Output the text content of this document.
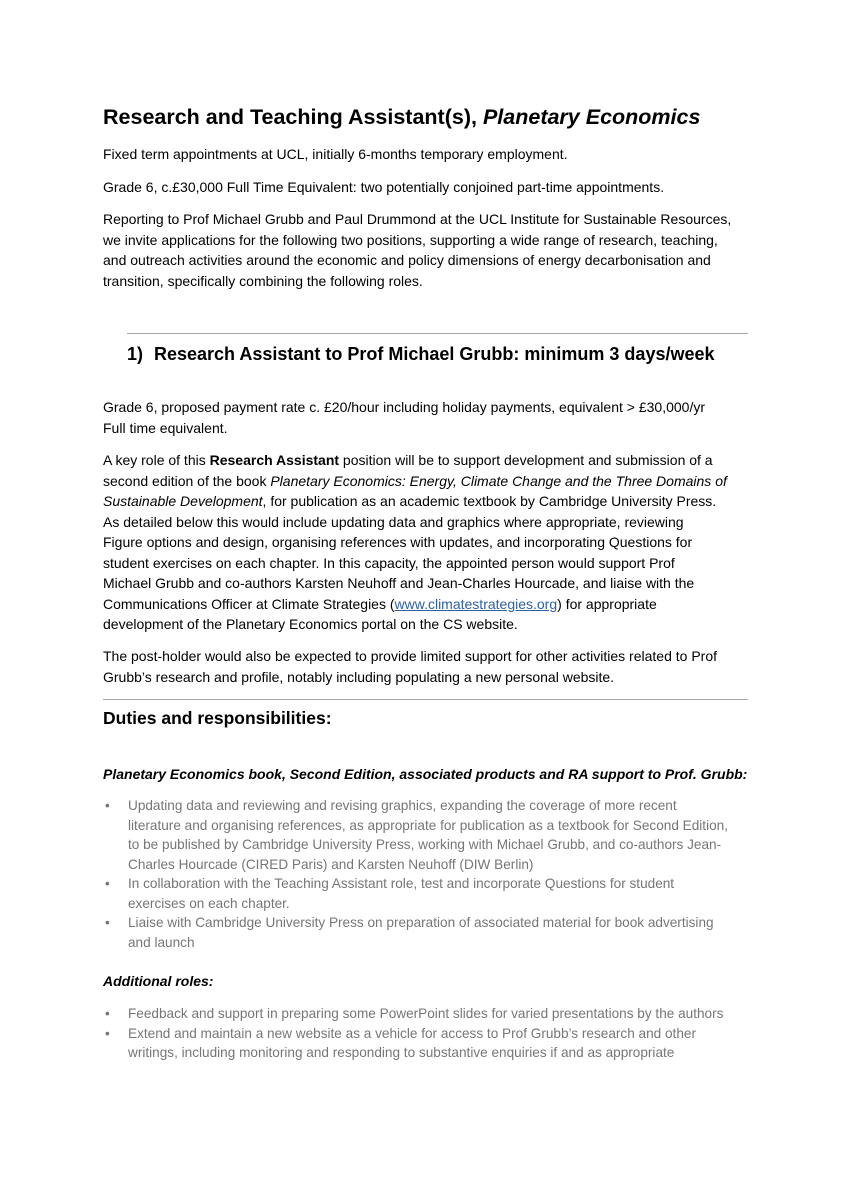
Research and Teaching Assistant(s), Planetary Economics

Fixed term appointments at UCL, initially 6-months temporary employment.

Grade 6, c.£30,000 Full Time Equivalent: two potentially conjoined part-time appointments.

Reporting to Prof Michael Grubb and Paul Drummond at the UCL Institute for Sustainable Resources,
we invite applications for the following two positions, supporting a wide range of research, teaching,
and outreach activities around the economic and policy dimensions of energy decarbonisation and
transition, specifically combining the following roles.

1) Research Assistant to Prof Michael Grubb: minimum 3 days/week

Grade 6, proposed payment rate c. £20/hour including holiday payments, equivalent > £30,000/yr
Full time equivalent.

A key role of this Research Assistant position will be to support development and submission of a
second edition of the book Planetary Economics: Energy, Climate Change and the Three Domains of
Sustainable Development, for publication as an academic textbook by Cambridge University Press.
As detailed below this would include updating data and graphics where appropriate, reviewing
Figure options and design, organising references with updates, and incorporating Questions for
student exercises on each chapter. In this capacity, the appointed person would support Prof
Michael Grubb and co-authors Karsten Neuhoff and Jean-Charles Hourcade, and liaise with the
Communications Officer at Climate Strategies (www.climatestrategies.org) for appropriate
development of the Planetary Economics portal on the CS website.

The post-holder would also be expected to provide limited support for other activities related to Prof
Grubb’s research and profile, notably including populating a new personal website.

Duties and responsibilities:

Planetary Economics book, Second Edition, associated products and RA support to Prof. Grubb:

• Updating data and reviewing and revising graphics, expanding the coverage of more recent
literature and organising references, as appropriate for publication as a textbook for Second Edition,
to be published by Cambridge University Press, working with Michael Grubb, and co-authors Jean-
Charles Hourcade (CIRED Paris) and Karsten Neuhoff (DIW Berlin)
• In collaboration with the Teaching Assistant role, test and incorporate Questions for student
exercises on each chapter.
• Liaise with Cambridge University Press on preparation of associated material for book advertising
and launch

Additional roles:

• Feedback and support in preparing some PowerPoint slides for varied presentations by the authors
• Extend and maintain a new website as a vehicle for access to Prof Grubb’s research and other
writings, including monitoring and responding to substantive enquiries if and as appropriate
